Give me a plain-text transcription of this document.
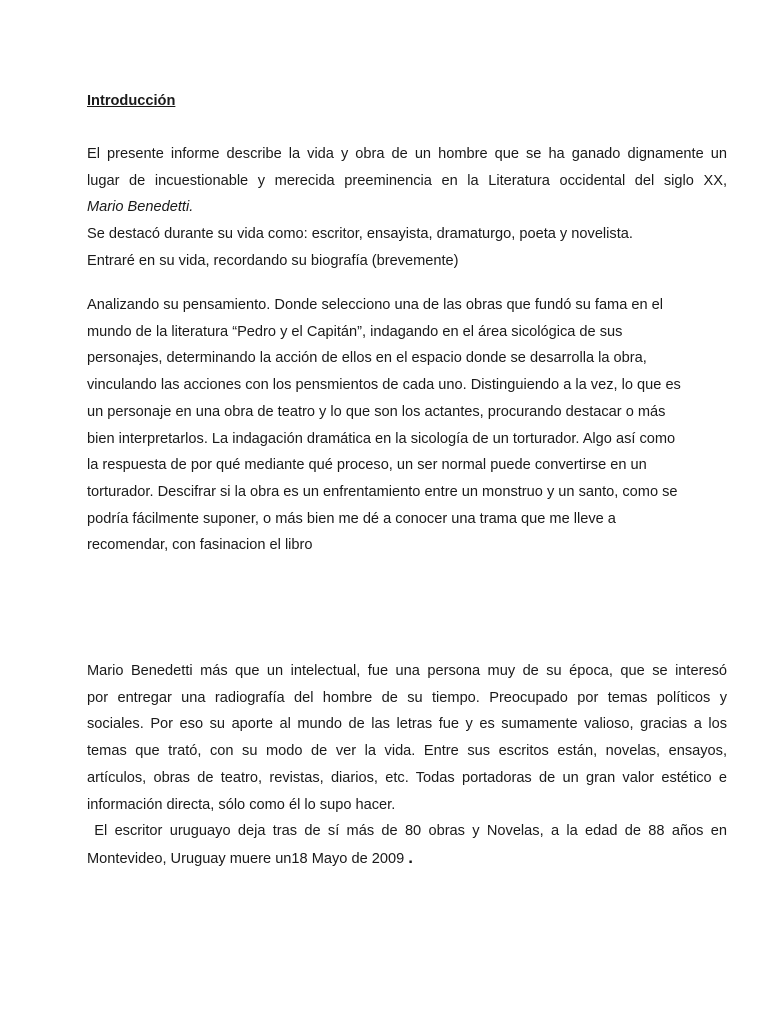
Introducción

El presente informe describe la vida y obra de un hombre que se ha ganado dignamente un

lugar de incuestionable y merecida preeminencia en la Literatura occidental del siglo XX,

Mario Benedetti.

Se destacó durante su vida como: escritor, ensayista, dramaturgo, poeta y novelista.

Entraré en su vida, recordando su biografía (brevemente)

Analizando su pensamiento. Donde selecciono una de las obras que fundó su fama en el

mundo de la literatura “Pedro y el Capitán”, indagando en el área sicológica de sus

personajes, determinando la acción de ellos en el espacio donde se desarrolla la obra,

vinculando las acciones con los pensmientos de cada uno. Distinguiendo a la vez, lo que es

un personaje en una obra de teatro y lo que son los actantes, procurando destacar o más

bien interpretarlos. La indagación dramática en la sicología de un torturador. Algo así como

la respuesta de por qué mediante qué proceso, un ser normal puede convertirse en un

torturador. Descifrar si la obra es un enfrentamiento entre un monstruo y un santo, como se

podría fácilmente suponer, o más bien me dé a conocer una trama que me lleve a

recomendar, con fasinacion el libro

Mario Benedetti más que un intelectual, fue una persona muy de su época, que se interesó

por entregar una radiografía del hombre de su tiempo. Preocupado por temas políticos y

sociales. Por eso su aporte al mundo de las letras fue y es sumamente valioso, gracias a los

temas que trató, con su modo de ver la vida. Entre sus escritos están, novelas, ensayos,

artículos, obras de teatro, revistas, diarios, etc. Todas portadoras de un gran valor estético e

información directa, sólo como él lo supo hacer.

El escritor uruguayo deja tras de sí más de 80 obras y Novelas, a la edad de 88 años en

Montevideo, Uruguay muere un18 Mayo de 2009 .
